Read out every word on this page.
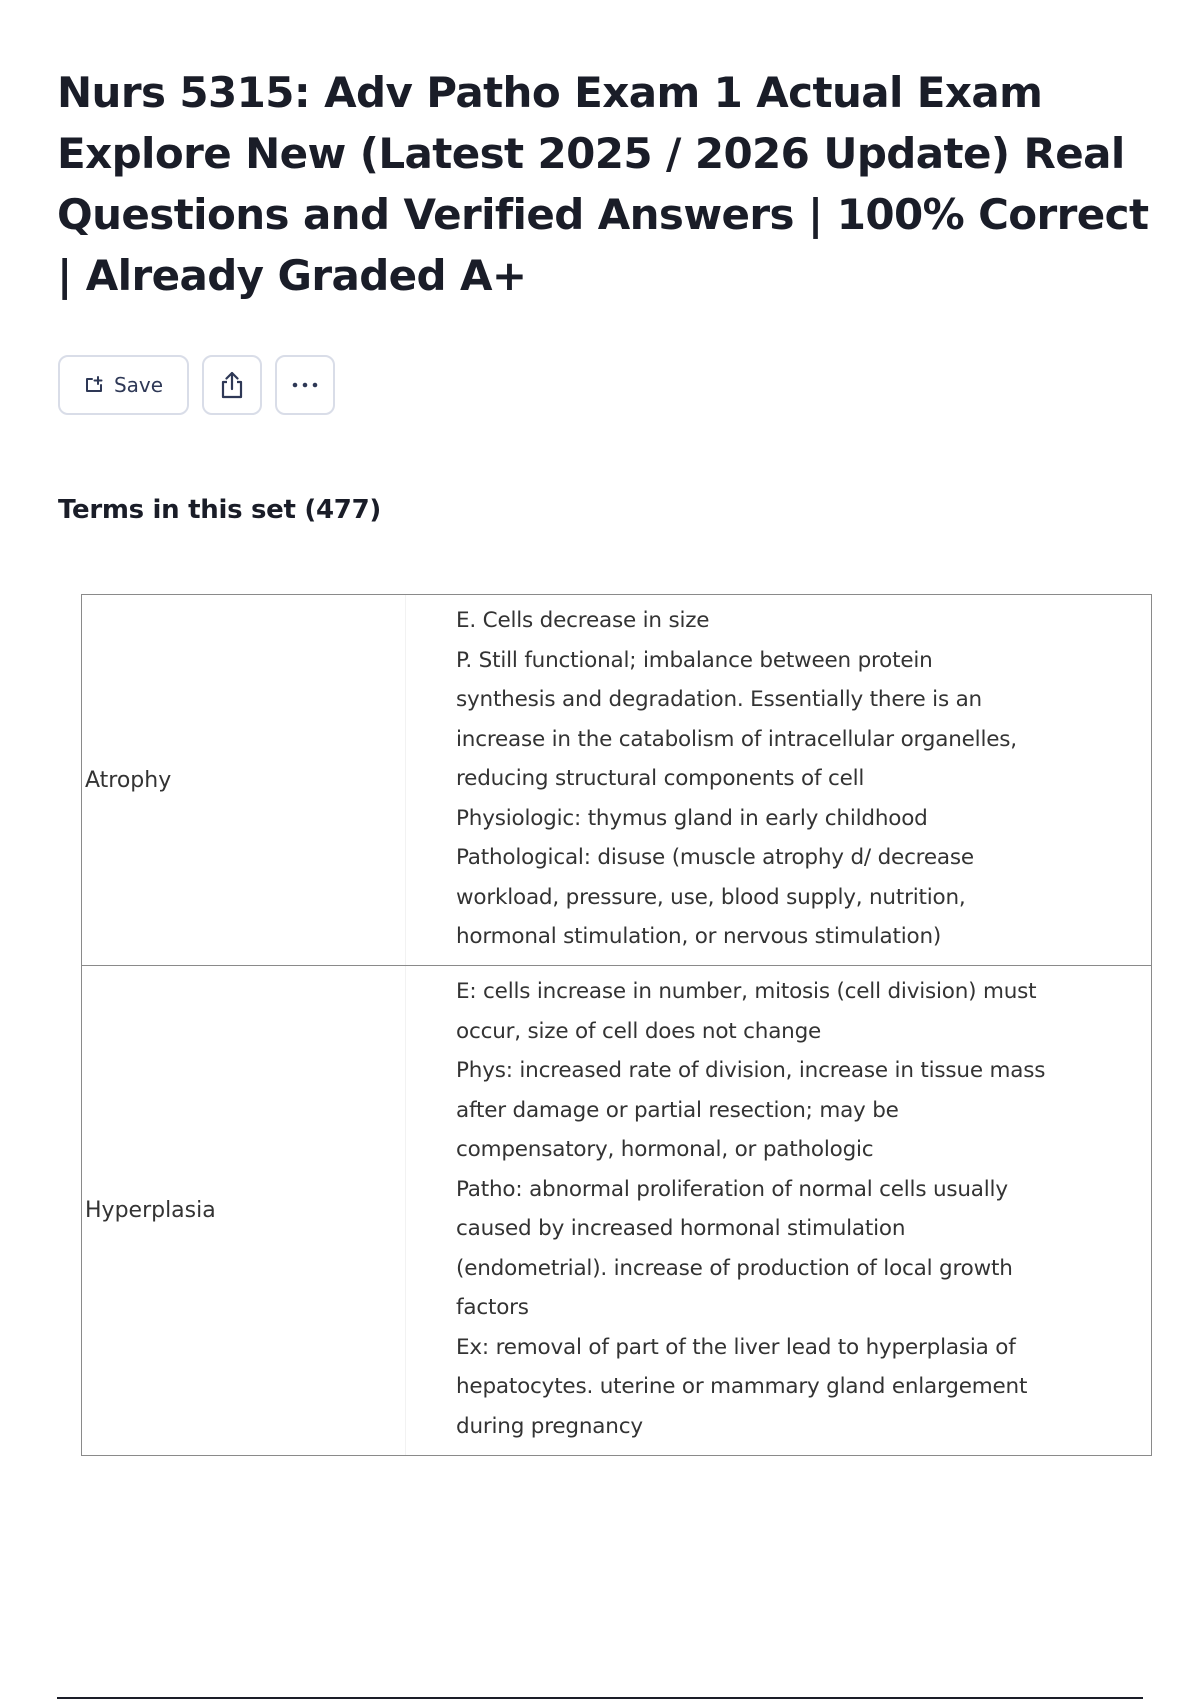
Nurs 5315: Adv Patho Exam 1 Actual Exam Explore New (Latest 2025 / 2026 Update) Real Questions and Verified Answers | 100% Correct | Already Graded A+
Save
Terms in this set (477)
Atrophy
E. Cells decrease in size
P. Still functional; imbalance between protein
synthesis and degradation. Essentially there is an
increase in the catabolism of intracellular organelles,
reducing structural components of cell
Physiologic: thymus gland in early childhood
Pathological: disuse (muscle atrophy d/ decrease
workload, pressure, use, blood supply, nutrition,
hormonal stimulation, or nervous stimulation)
Hyperplasia
E: cells increase in number, mitosis (cell division) must
occur, size of cell does not change
Phys: increased rate of division, increase in tissue mass
after damage or partial resection; may be
compensatory, hormonal, or pathologic
Patho: abnormal proliferation of normal cells usually
caused by increased hormonal stimulation
(endometrial). increase of production of local growth
factors
Ex: removal of part of the liver lead to hyperplasia of
hepatocytes. uterine or mammary gland enlargement
during pregnancy
